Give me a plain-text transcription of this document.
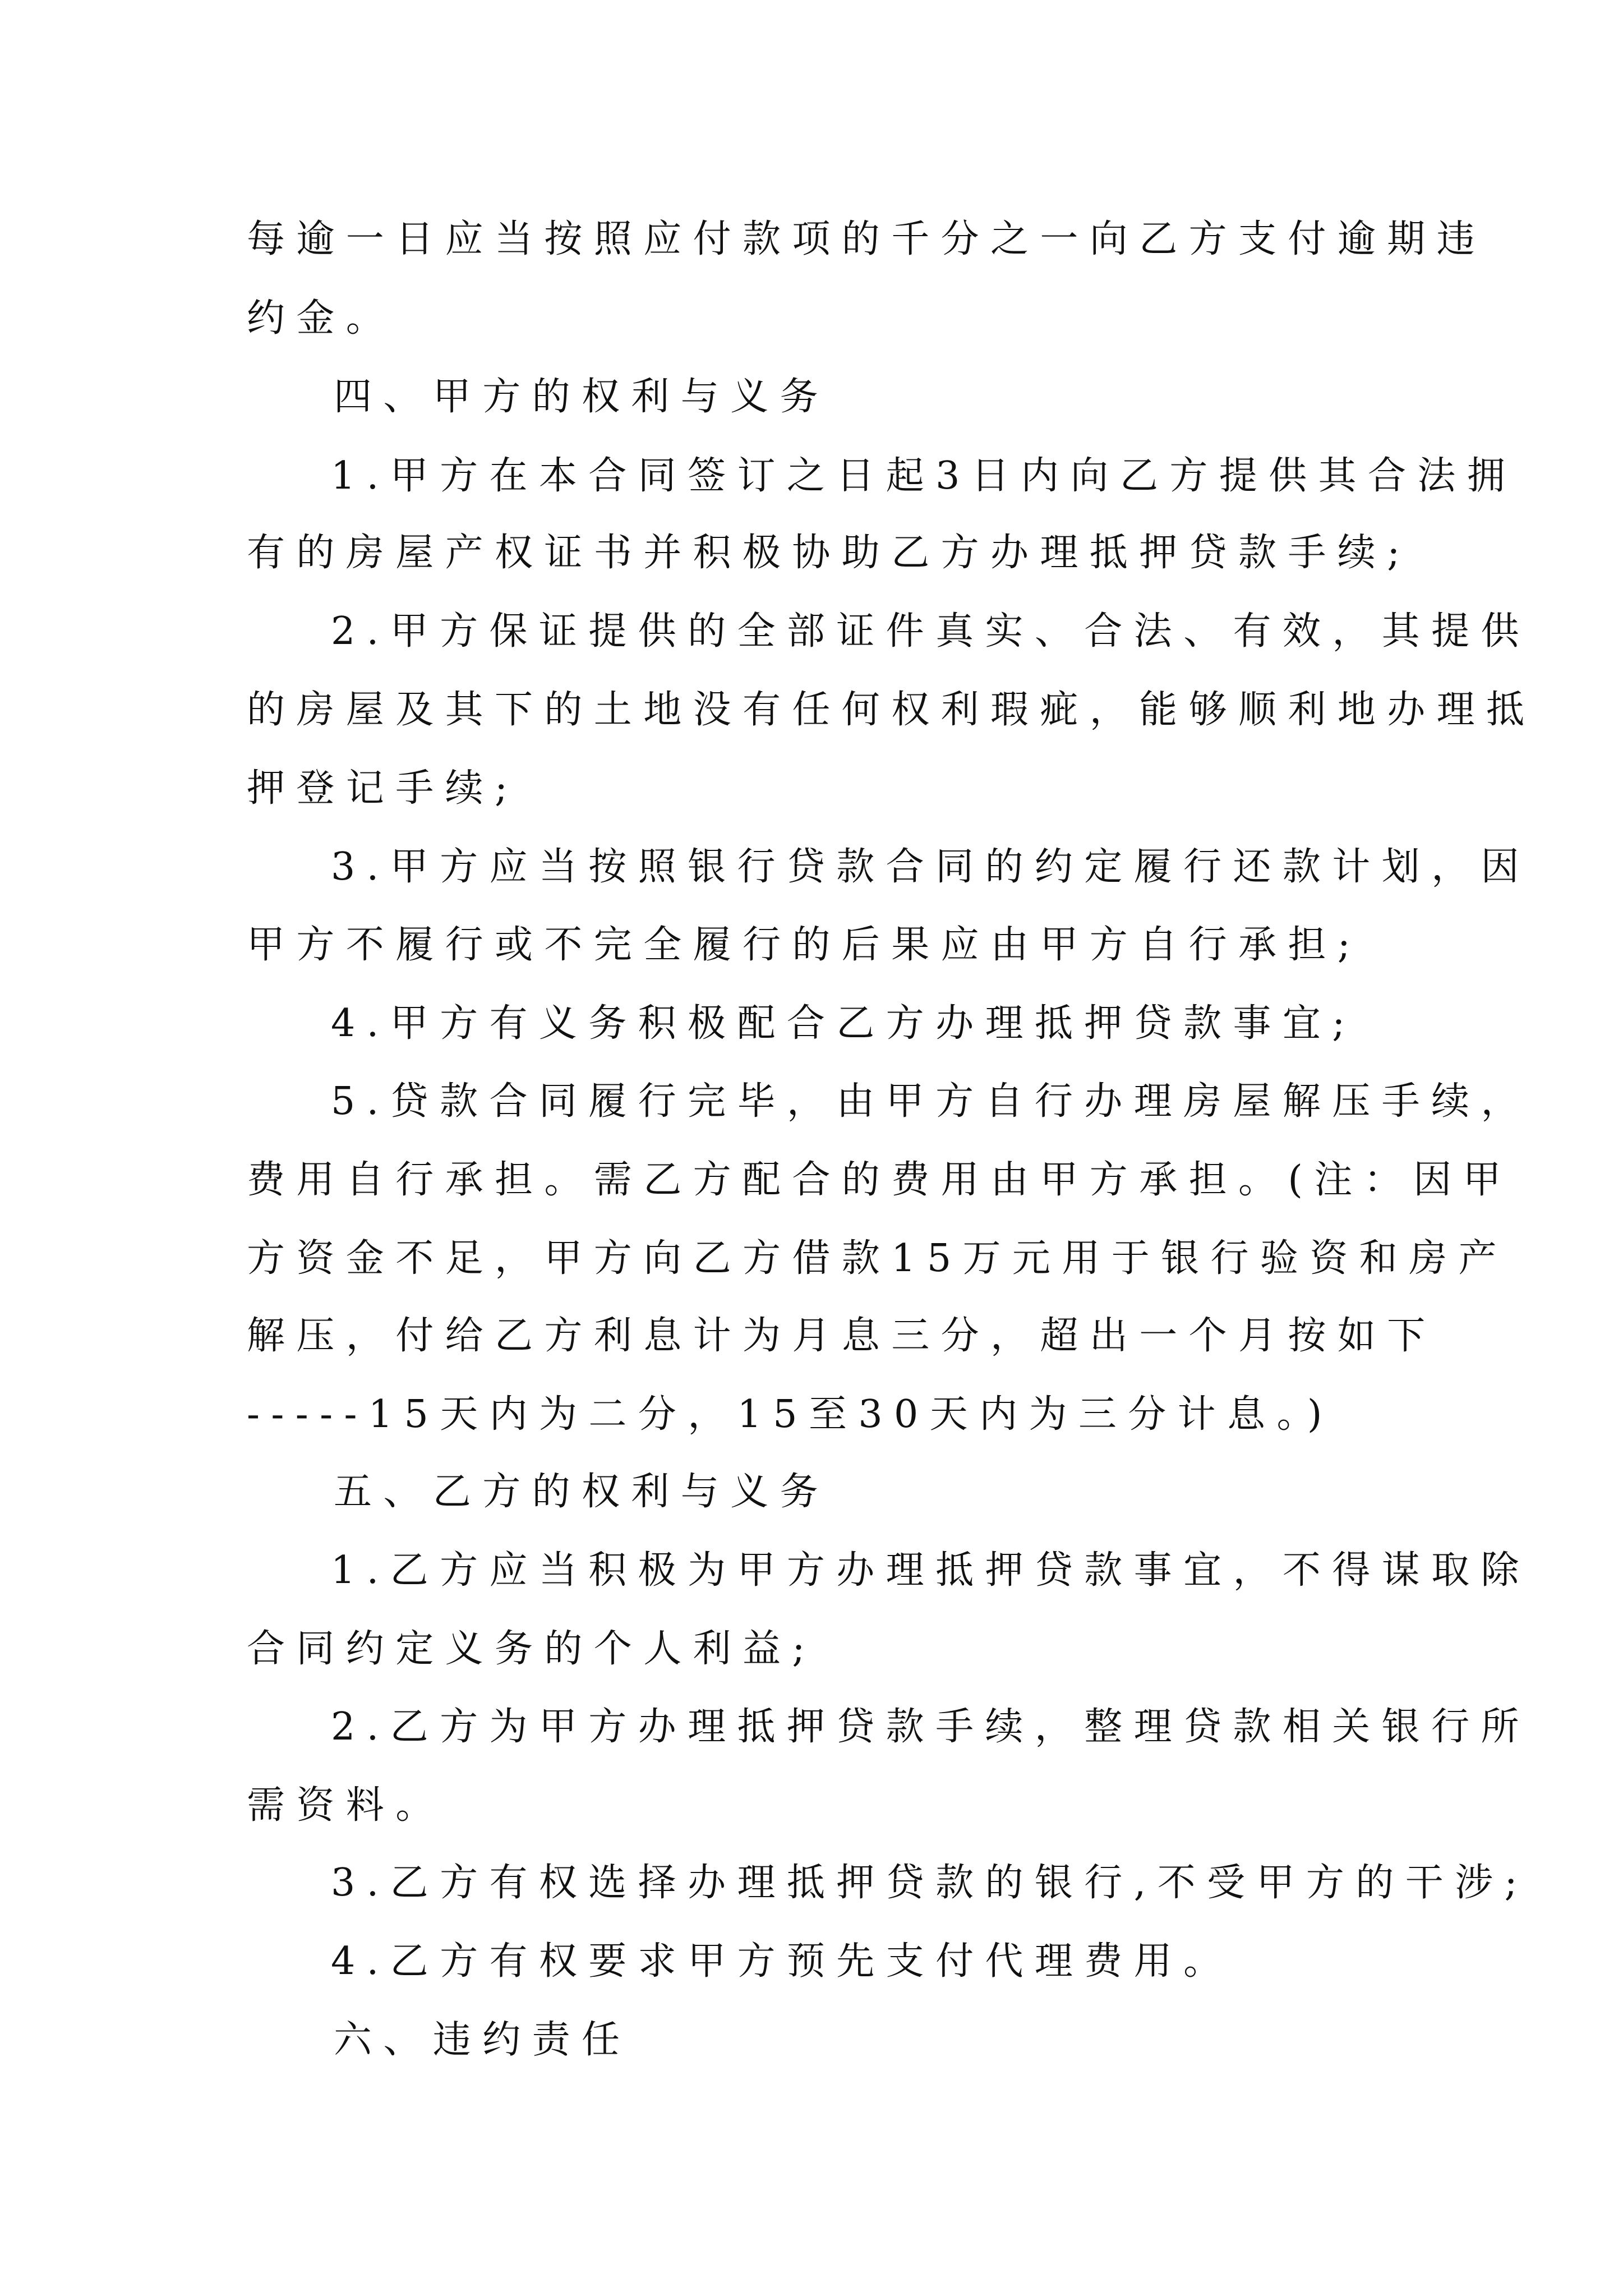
每逾一日应当按照应付款项的千分之一向乙方支付逾期违

约金。

四、甲方的权利与义务

1.甲方在本合同签订之日起3日内向乙方提供其合法拥

有的房屋产权证书并积极协助乙方办理抵押贷款手续;

2.甲方保证提供的全部证件真实、合法、有效，其提供

的房屋及其下的土地没有任何权利瑕疵，能够顺利地办理抵

押登记手续;

3.甲方应当按照银行贷款合同的约定履行还款计划，因

甲方不履行或不完全履行的后果应由甲方自行承担;

4.甲方有义务积极配合乙方办理抵押贷款事宜;

5.贷款合同履行完毕，由甲方自行办理房屋解压手续，

费用自行承担。需乙方配合的费用由甲方承担。(注：因甲

方资金不足，甲方向乙方借款15万元用于银行验资和房产

解压，付给乙方利息计为月息三分，超出一个月按如下

-----15天内为二分，15至30天内为三分计息。)

五、乙方的权利与义务

1.乙方应当积极为甲方办理抵押贷款事宜，不得谋取除

合同约定义务的个人利益;

2.乙方为甲方办理抵押贷款手续，整理贷款相关银行所

需资料。

3.乙方有权选择办理抵押贷款的银行,不受甲方的干涉;

4.乙方有权要求甲方预先支付代理费用。

六、违约责任
